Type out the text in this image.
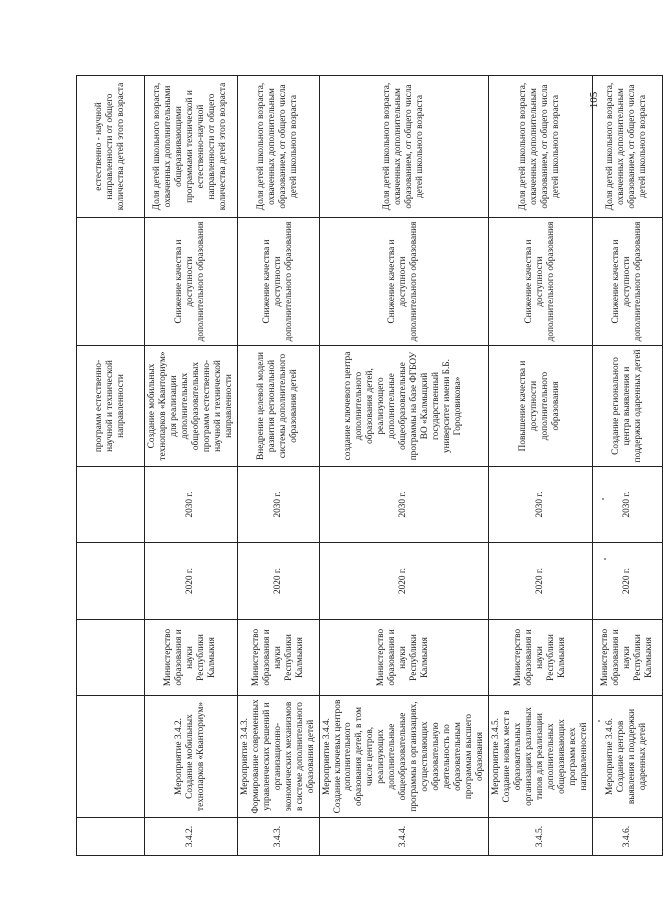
					программ естественно-научной и технической направленности		естественно - научной направленности от общего количества детей этого возраста
3.4.2.	Мероприятие 3.4.2. Создание мобильных технопарков «Кванториум»	Министерство образования и науки Республики Калмыкия	2020 г.	2030 г.	Создание мобильных технопарков «Кванториум» для реализации дополнительных общеобразовательных программ естественно-научной и технической направленности	Снижение качества и доступности дополнительного образования	Доля детей школьного возраста, охваченных дополнительными общеразвивающими программами технической и естественно-научной направленности от общего количества детей этого возраста
3.4.3.	Мероприятие 3.4.3. Формирование современных управленческих решений и организационно-экономических механизмов в системе дополнительного образования детей	Министерство образования и науки Республики Калмыкия	2020 г.	2030 г.	Внедрение целевой модели развития региональной системы дополнительного образования детей	Снижение качества и доступности дополнительного образования	Доля детей школьного возраста, охваченных дополнительным образованием, от общего числа детей школьного возраста
3.4.4.	Мероприятие 3.4.4. Создание ключевых центров дополнительного образования детей, в том числе центров, реализующих дополнительные общеобразовательные программы в организациях, осуществляющих образовательную деятельность по образовательным программам высшего образования	Министерство образования и науки Республики Калмыкия	2020 г.	2030 г.	создание ключевого центра дополнительного образования детей, реализующего дополнительные общеобразовательные программы на базе ФГБОУ ВО «Калмыцкий государственный университет имени Б.Б. Городовикова»	Снижение качества и доступности дополнительного образования	Доля детей школьного возраста, охваченных дополнительным образованием, от общего числа детей школьного возраста
3.4.5.	Мероприятие 3.4.5. Создание новых мест в образовательных организациях различных типов для реализации дополнительных общеразвивающих программ всех направленностей	Министерство образования и науки Республики Калмыкия	2020 г.	2030 г.	Повышение качества и доступности дополнительного образования	Снижение качества и доступности дополнительного образования	Доля детей школьного возраста, охваченных дополнительным образованием, от общего числа детей школьного возраста
3.4.6.	Мероприятие 3.4.6. Создание центров выявления и поддержки одаренных детей	Министерство образования и науки Республики Калмыкия	2020 г.	2030 г.	Создание регионального центра выявления и поддержки одаренных детей	Снижение качества и доступности дополнительного образования	Доля детей школьного возраста, охваченных дополнительным образованием, от общего числа детей школьного возраста
105
